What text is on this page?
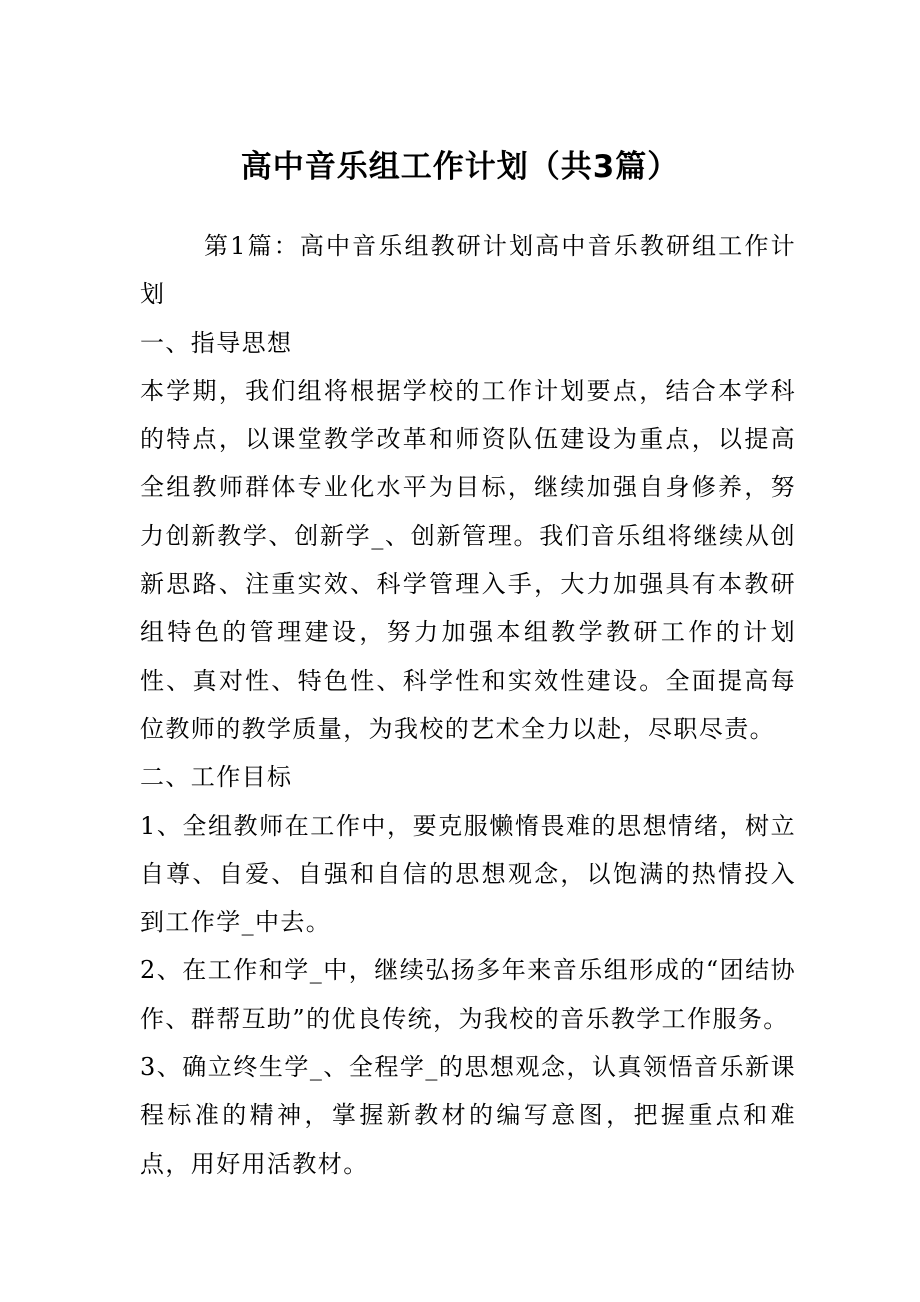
高中音乐组工作计划（共3篇）

第1篇：高中音乐组教研计划高中音乐教研组工作计划

一、指导思想

本学期，我们组将根据学校的工作计划要点，结合本学科的特点，以课堂教学改革和师资队伍建设为重点，以提高全组教师群体专业化水平为目标，继续加强自身修养，努力创新教学、创新学_、创新管理。我们音乐组将继续从创新思路、注重实效、科学管理入手，大力加强具有本教研组特色的管理建设，努力加强本组教学教研工作的计划性、真对性、特色性、科学性和实效性建设。全面提高每位教师的教学质量，为我校的艺术全力以赴，尽职尽责。

二、工作目标

1、全组教师在工作中，要克服懒惰畏难的思想情绪，树立自尊、自爱、自强和自信的思想观念，以饱满的热情投入到工作学_中去。

2、在工作和学_中，继续弘扬多年来音乐组形成的“团结协作、群帮互助”的优良传统，为我校的音乐教学工作服务。

3、确立终生学_、全程学_的思想观念，认真领悟音乐新课程标准的精神，掌握新教材的编写意图，把握重点和难点，用好用活教材。
